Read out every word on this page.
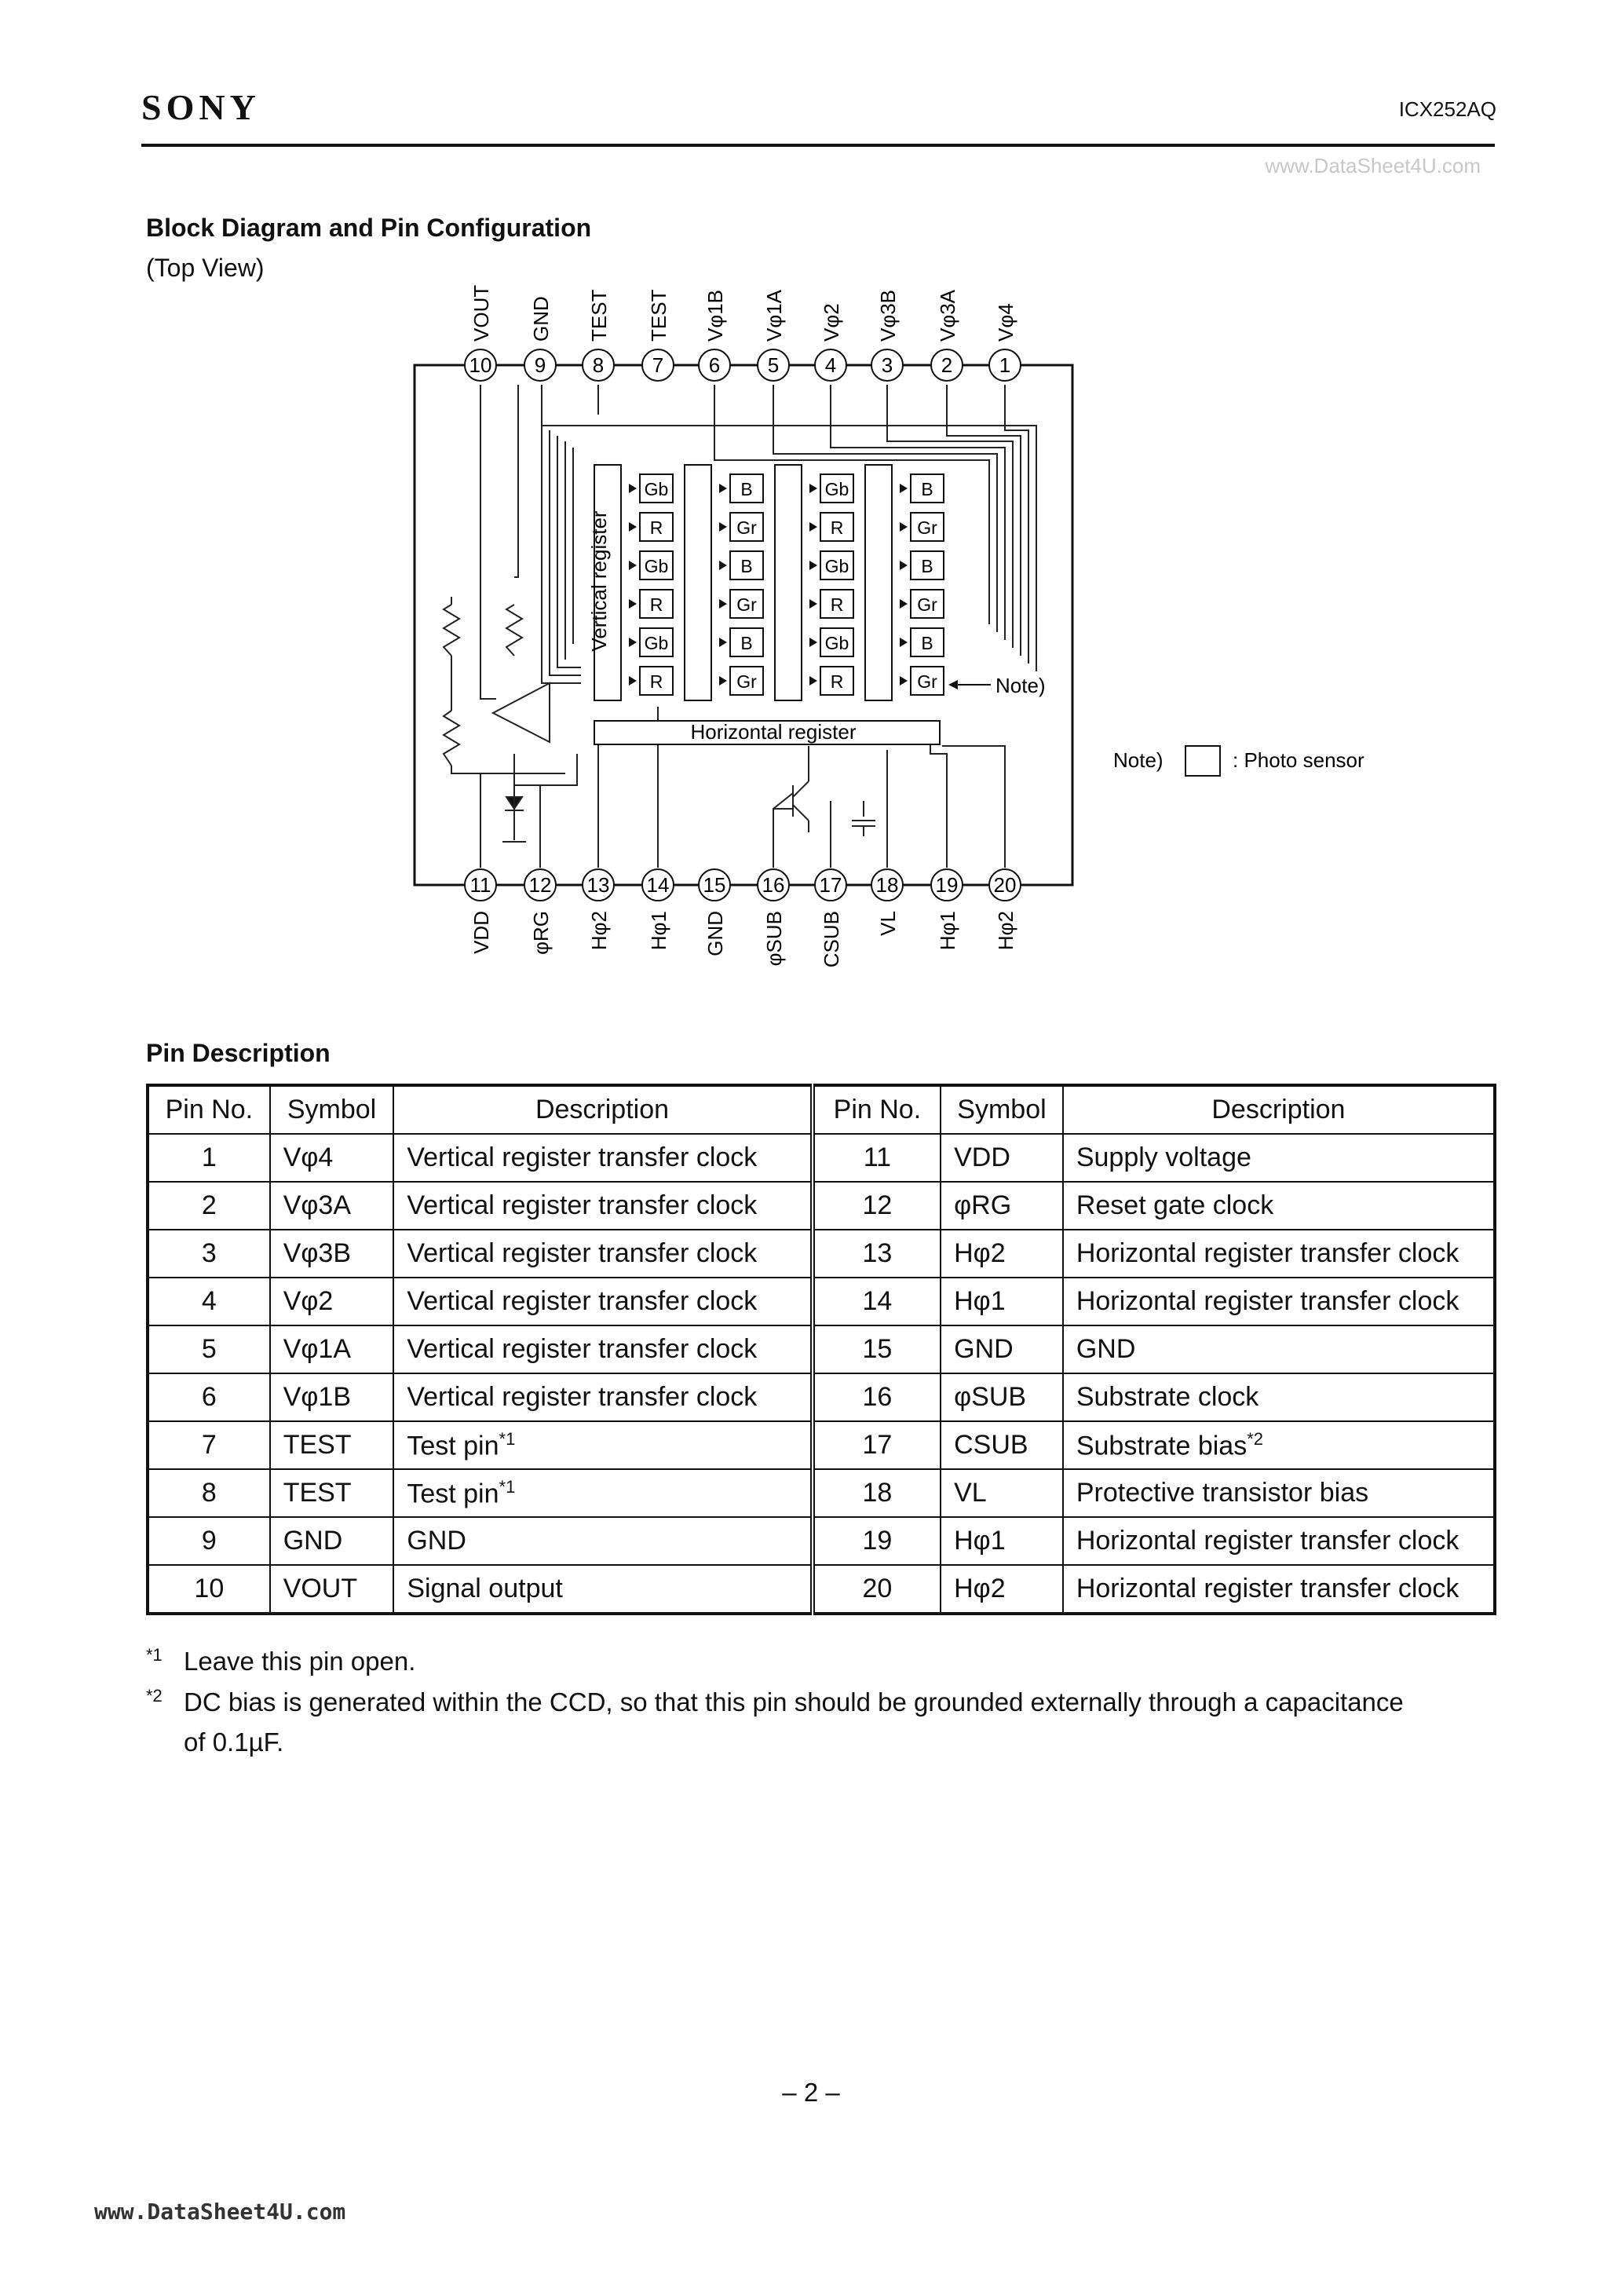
SONY	ICX252AQ
www.DataSheet4U.com
Block Diagram and Pin Configuration
(Top View)
Gb
R
Gb
R
Gb
R
B
Gr
B
Gr
B
Gr
Gb
R
Gb
R
Gb
R
B
Gr
B
Gr
B
Gr
Horizontal register
Vertical register
Note)
Note)	: Photo sensor
10
VOUT
9
GND
8
TEST
7
TEST
6
Vφ1B
5
Vφ1A
4
Vφ2
3
Vφ3B
2
Vφ3A
1
Vφ4
11
VDD
12
φRG
13
Hφ2
14
Hφ1
15
GND
16
φSUB
17
CSUB
18
VL
19
Hφ1
20
Hφ2
Pin Description
Pin No.	Symbol	Description	Pin No.	Symbol	Description
1	Vφ4	Vertical register transfer clock	11	VDD	Supply voltage
2	Vφ3A	Vertical register transfer clock	12	φRG	Reset gate clock
3	Vφ3B	Vertical register transfer clock	13	Hφ2	Horizontal register transfer clock
4	Vφ2	Vertical register transfer clock	14	Hφ1	Horizontal register transfer clock
5	Vφ1A	Vertical register transfer clock	15	GND	GND
6	Vφ1B	Vertical register transfer clock	16	φSUB	Substrate clock
7	TEST	Test pin$^{*1}$	17	CSUB	Substrate bias$^{*2}$
8	TEST	Test pin$^{*1}$	18	VL	Protective transistor bias
9	GND	GND	19	Hφ1	Horizontal register transfer clock
10	VOUT	Signal output	20	Hφ2	Horizontal register transfer clock
$^{*1}$ Leave this pin open.
$^{*2}$ DC bias is generated within the CCD, so that this pin should be grounded externally through a capacitance
of 0.1µF.
– 2 –
www.DataSheet4U.com
